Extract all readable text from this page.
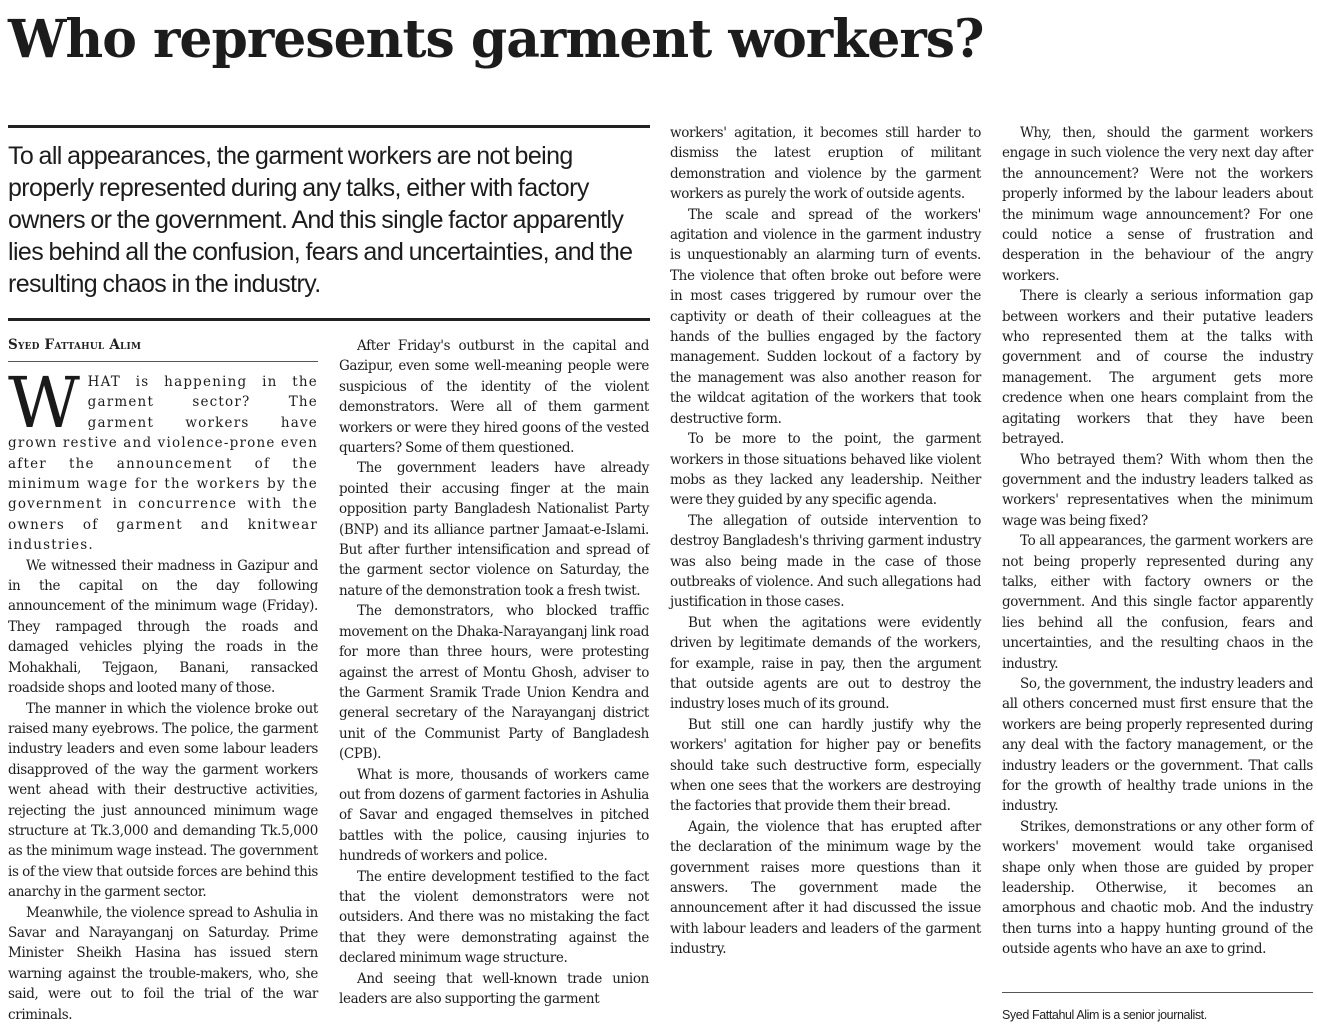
Who represents garment workers?

To all appearances, the garment workers are not being properly represented during any talks, either with factory owners or the government. And this single factor apparently lies behind all the confusion, fears and uncertainties, and the resulting chaos in the industry.

Syed Fattahul Alim

WHAT is happening in the garment sector? The garment workers have grown restive and violence-prone even after the announcement of the minimum wage for the workers by the government in concurrence with the owners of garment and knitwear industries.

We witnessed their madness in Gazipur and in the capital on the day following announcement of the minimum wage (Friday). They rampaged through the roads and damaged vehicles plying the roads in the Mohakhali, Tejgaon, Banani, ransacked roadside shops and looted many of those.

The manner in which the violence broke out raised many eyebrows. The police, the garment industry leaders and even some labour leaders disapproved of the way the garment workers went ahead with their destructive activities, rejecting the just announced minimum wage structure at Tk.3,000 and demanding Tk.5,000 as the minimum wage instead. The government is of the view that outside forces are behind this anarchy in the garment sector.

Meanwhile, the violence spread to Ashulia in Savar and Narayanganj on Saturday. Prime Minister Sheikh Hasina has issued stern warning against the trouble-makers, who, she said, were out to foil the trial of the war criminals.

After Friday's outburst in the capital and Gazipur, even some well-meaning people were suspicious of the identity of the violent demonstrators. Were all of them garment workers or were they hired goons of the vested quarters? Some of them questioned.

The government leaders have already pointed their accusing finger at the main opposition party Bangladesh Nationalist Party (BNP) and its alliance partner Jamaat-e-Islami. But after further intensification and spread of the garment sector violence on Saturday, the nature of the demonstration took a fresh twist.

The demonstrators, who blocked traffic movement on the Dhaka-Narayanganj link road for more than three hours, were protesting against the arrest of Montu Ghosh, adviser to the Garment Sramik Trade Union Kendra and general secretary of the Narayanganj district unit of the Communist Party of Bangladesh (CPB).

What is more, thousands of workers came out from dozens of garment factories in Ashulia of Savar and engaged themselves in pitched battles with the police, causing injuries to hundreds of workers and police.

The entire development testified to the fact that the violent demonstrators were not outsiders. And there was no mistaking the fact that they were demonstrating against the declared minimum wage structure.

And seeing that well-known trade union leaders are also supporting the garment

workers' agitation, it becomes still harder to dismiss the latest eruption of militant demonstration and violence by the garment workers as purely the work of outside agents.

The scale and spread of the workers' agitation and violence in the garment industry is unquestionably an alarming turn of events. The violence that often broke out before were in most cases triggered by rumour over the captivity or death of their colleagues at the hands of the bullies engaged by the factory management. Sudden lockout of a factory by the management was also another reason for the wildcat agitation of the workers that took destructive form.

To be more to the point, the garment workers in those situations behaved like violent mobs as they lacked any leadership. Neither were they guided by any specific agenda.

The allegation of outside intervention to destroy Bangladesh's thriving garment industry was also being made in the case of those outbreaks of violence. And such allegations had justification in those cases.

But when the agitations were evidently driven by legitimate demands of the workers, for example, raise in pay, then the argument that outside agents are out to destroy the industry loses much of its ground.

But still one can hardly justify why the workers' agitation for higher pay or benefits should take such destructive form, especially when one sees that the workers are destroying the factories that provide them their bread.

Again, the violence that has erupted after the declaration of the minimum wage by the government raises more questions than it answers. The government made the announcement after it had discussed the issue with labour leaders and leaders of the garment industry.

Why, then, should the garment workers engage in such violence the very next day after the announcement? Were not the workers properly informed by the labour leaders about the minimum wage announcement? For one could notice a sense of frustration and desperation in the behaviour of the angry workers.

There is clearly a serious information gap between workers and their putative leaders who represented them at the talks with government and of course the industry management. The argument gets more credence when one hears complaint from the agitating workers that they have been betrayed.

Who betrayed them? With whom then the government and the industry leaders talked as workers' representatives when the minimum wage was being fixed?

To all appearances, the garment workers are not being properly represented during any talks, either with factory owners or the government. And this single factor apparently lies behind all the confusion, fears and uncertainties, and the resulting chaos in the industry.

So, the government, the industry leaders and all others concerned must first ensure that the workers are being properly represented during any deal with the factory management, or the industry leaders or the government. That calls for the growth of healthy trade unions in the industry.

Strikes, demonstrations or any other form of workers' movement would take organised shape only when those are guided by proper leadership. Otherwise, it becomes an amorphous and chaotic mob. And the industry then turns into a happy hunting ground of the outside agents who have an axe to grind.

Syed Fattahul Alim is a senior journalist.
